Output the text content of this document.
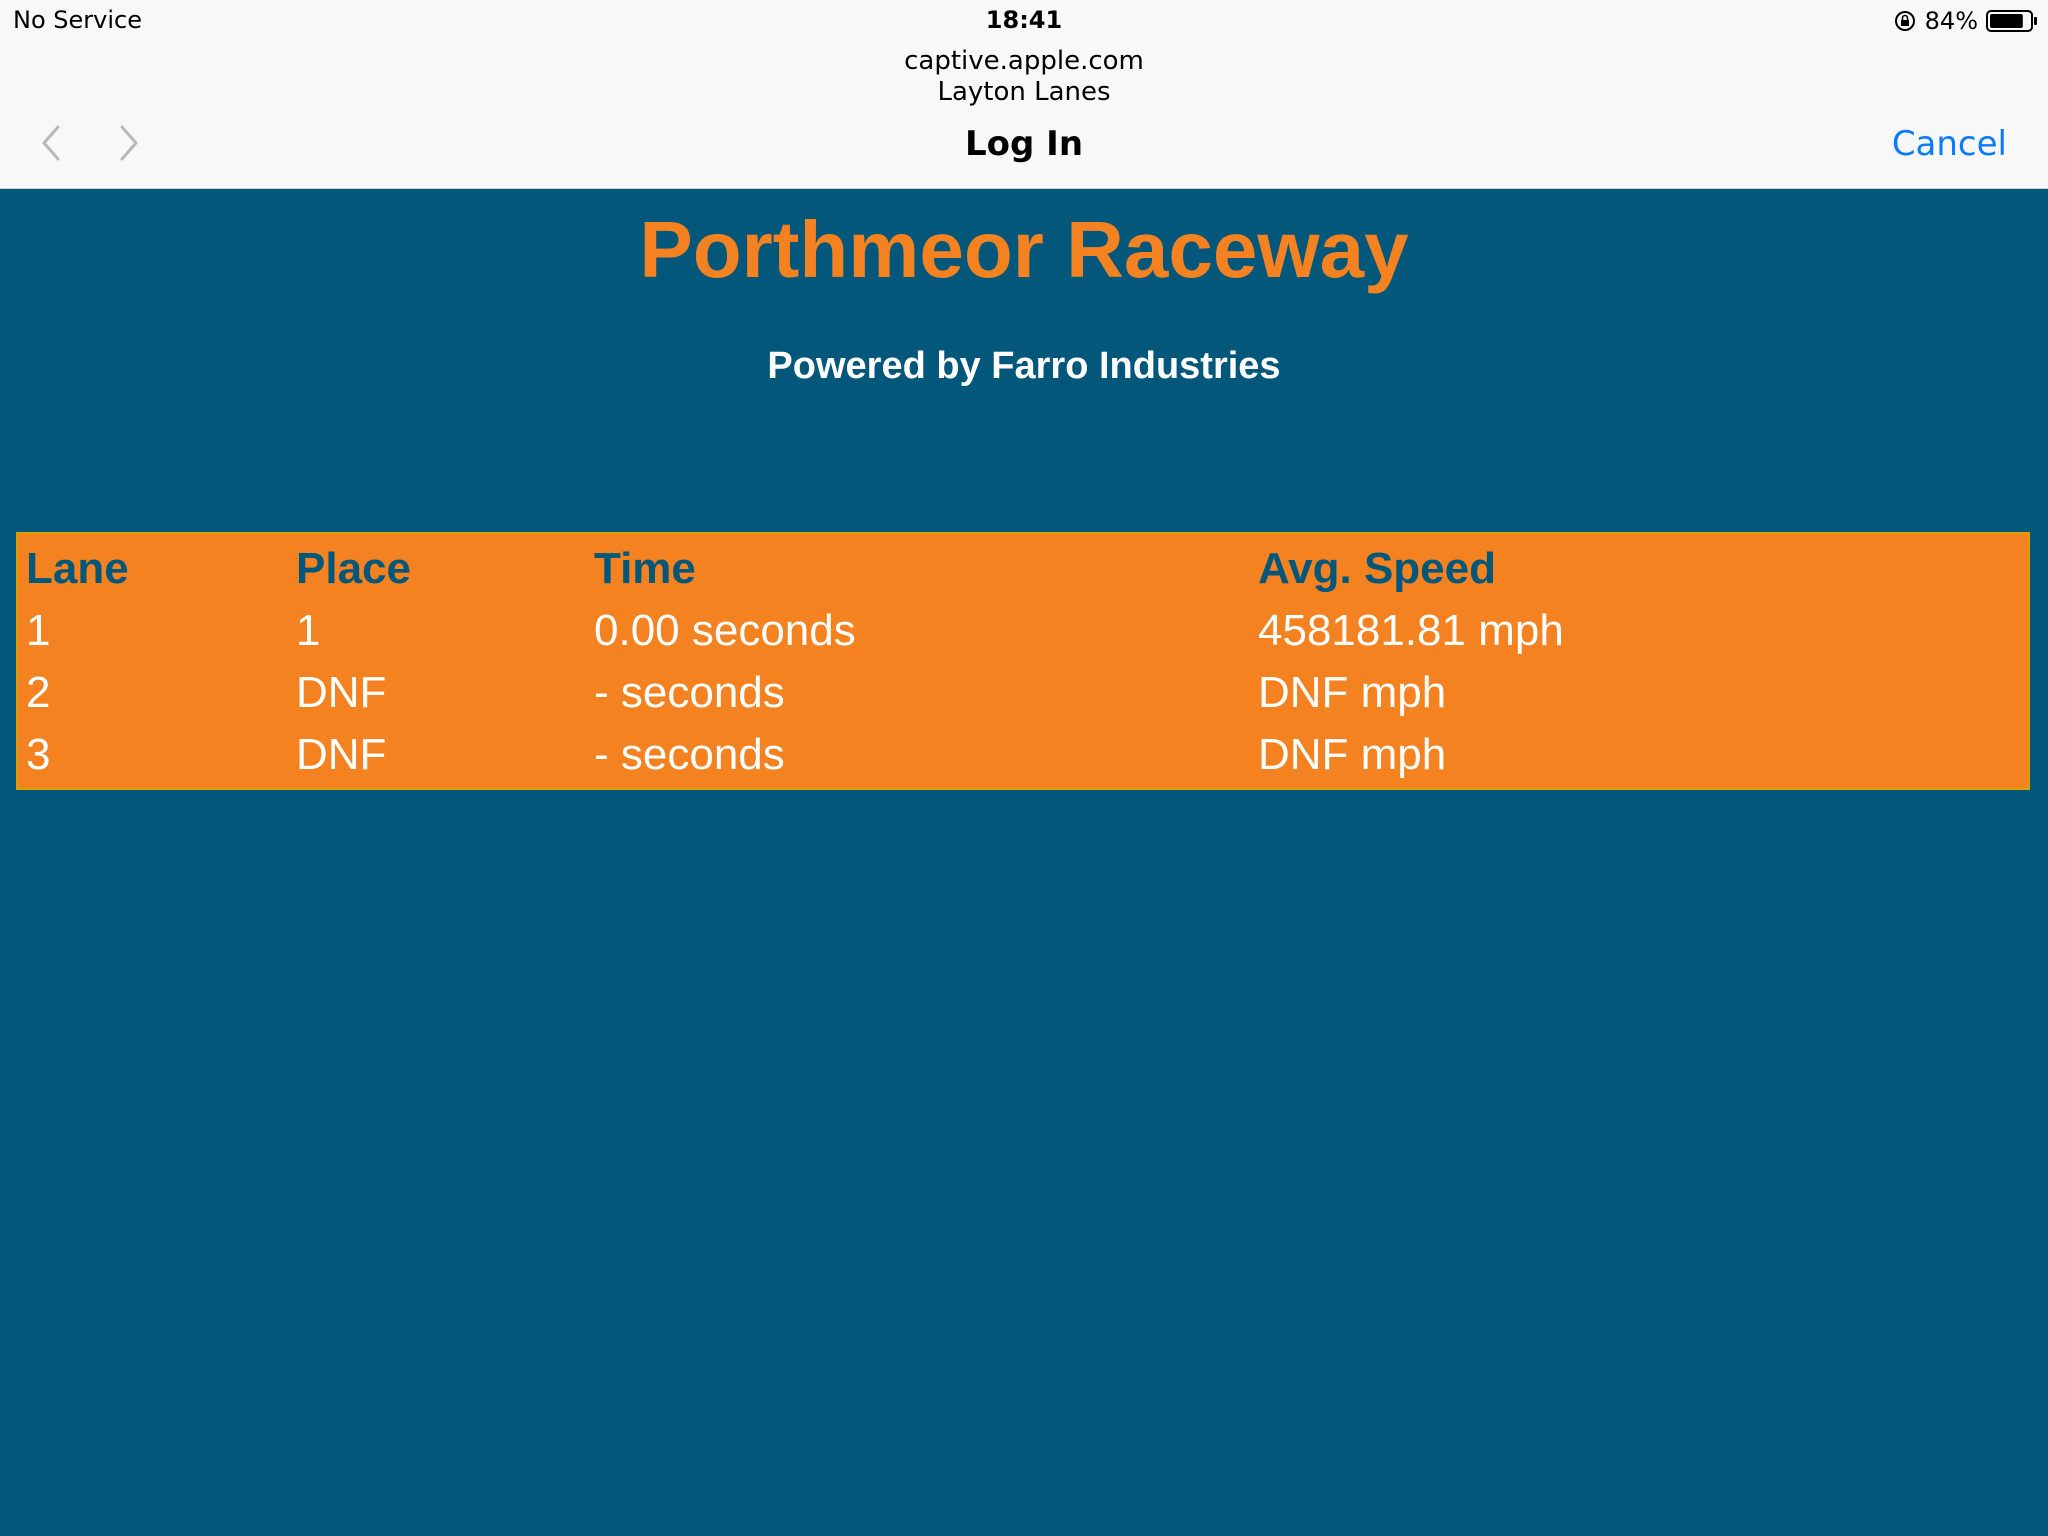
No Service	18:41	84%
captive.apple.com
Layton Lanes
Log In	Cancel
Porthmeor Raceway
Powered by Farro Industries
Lane	Place	Time	Avg. Speed
1	1	0.00 seconds	458181.81 mph
2	DNF	- seconds	DNF mph
3	DNF	- seconds	DNF mph
